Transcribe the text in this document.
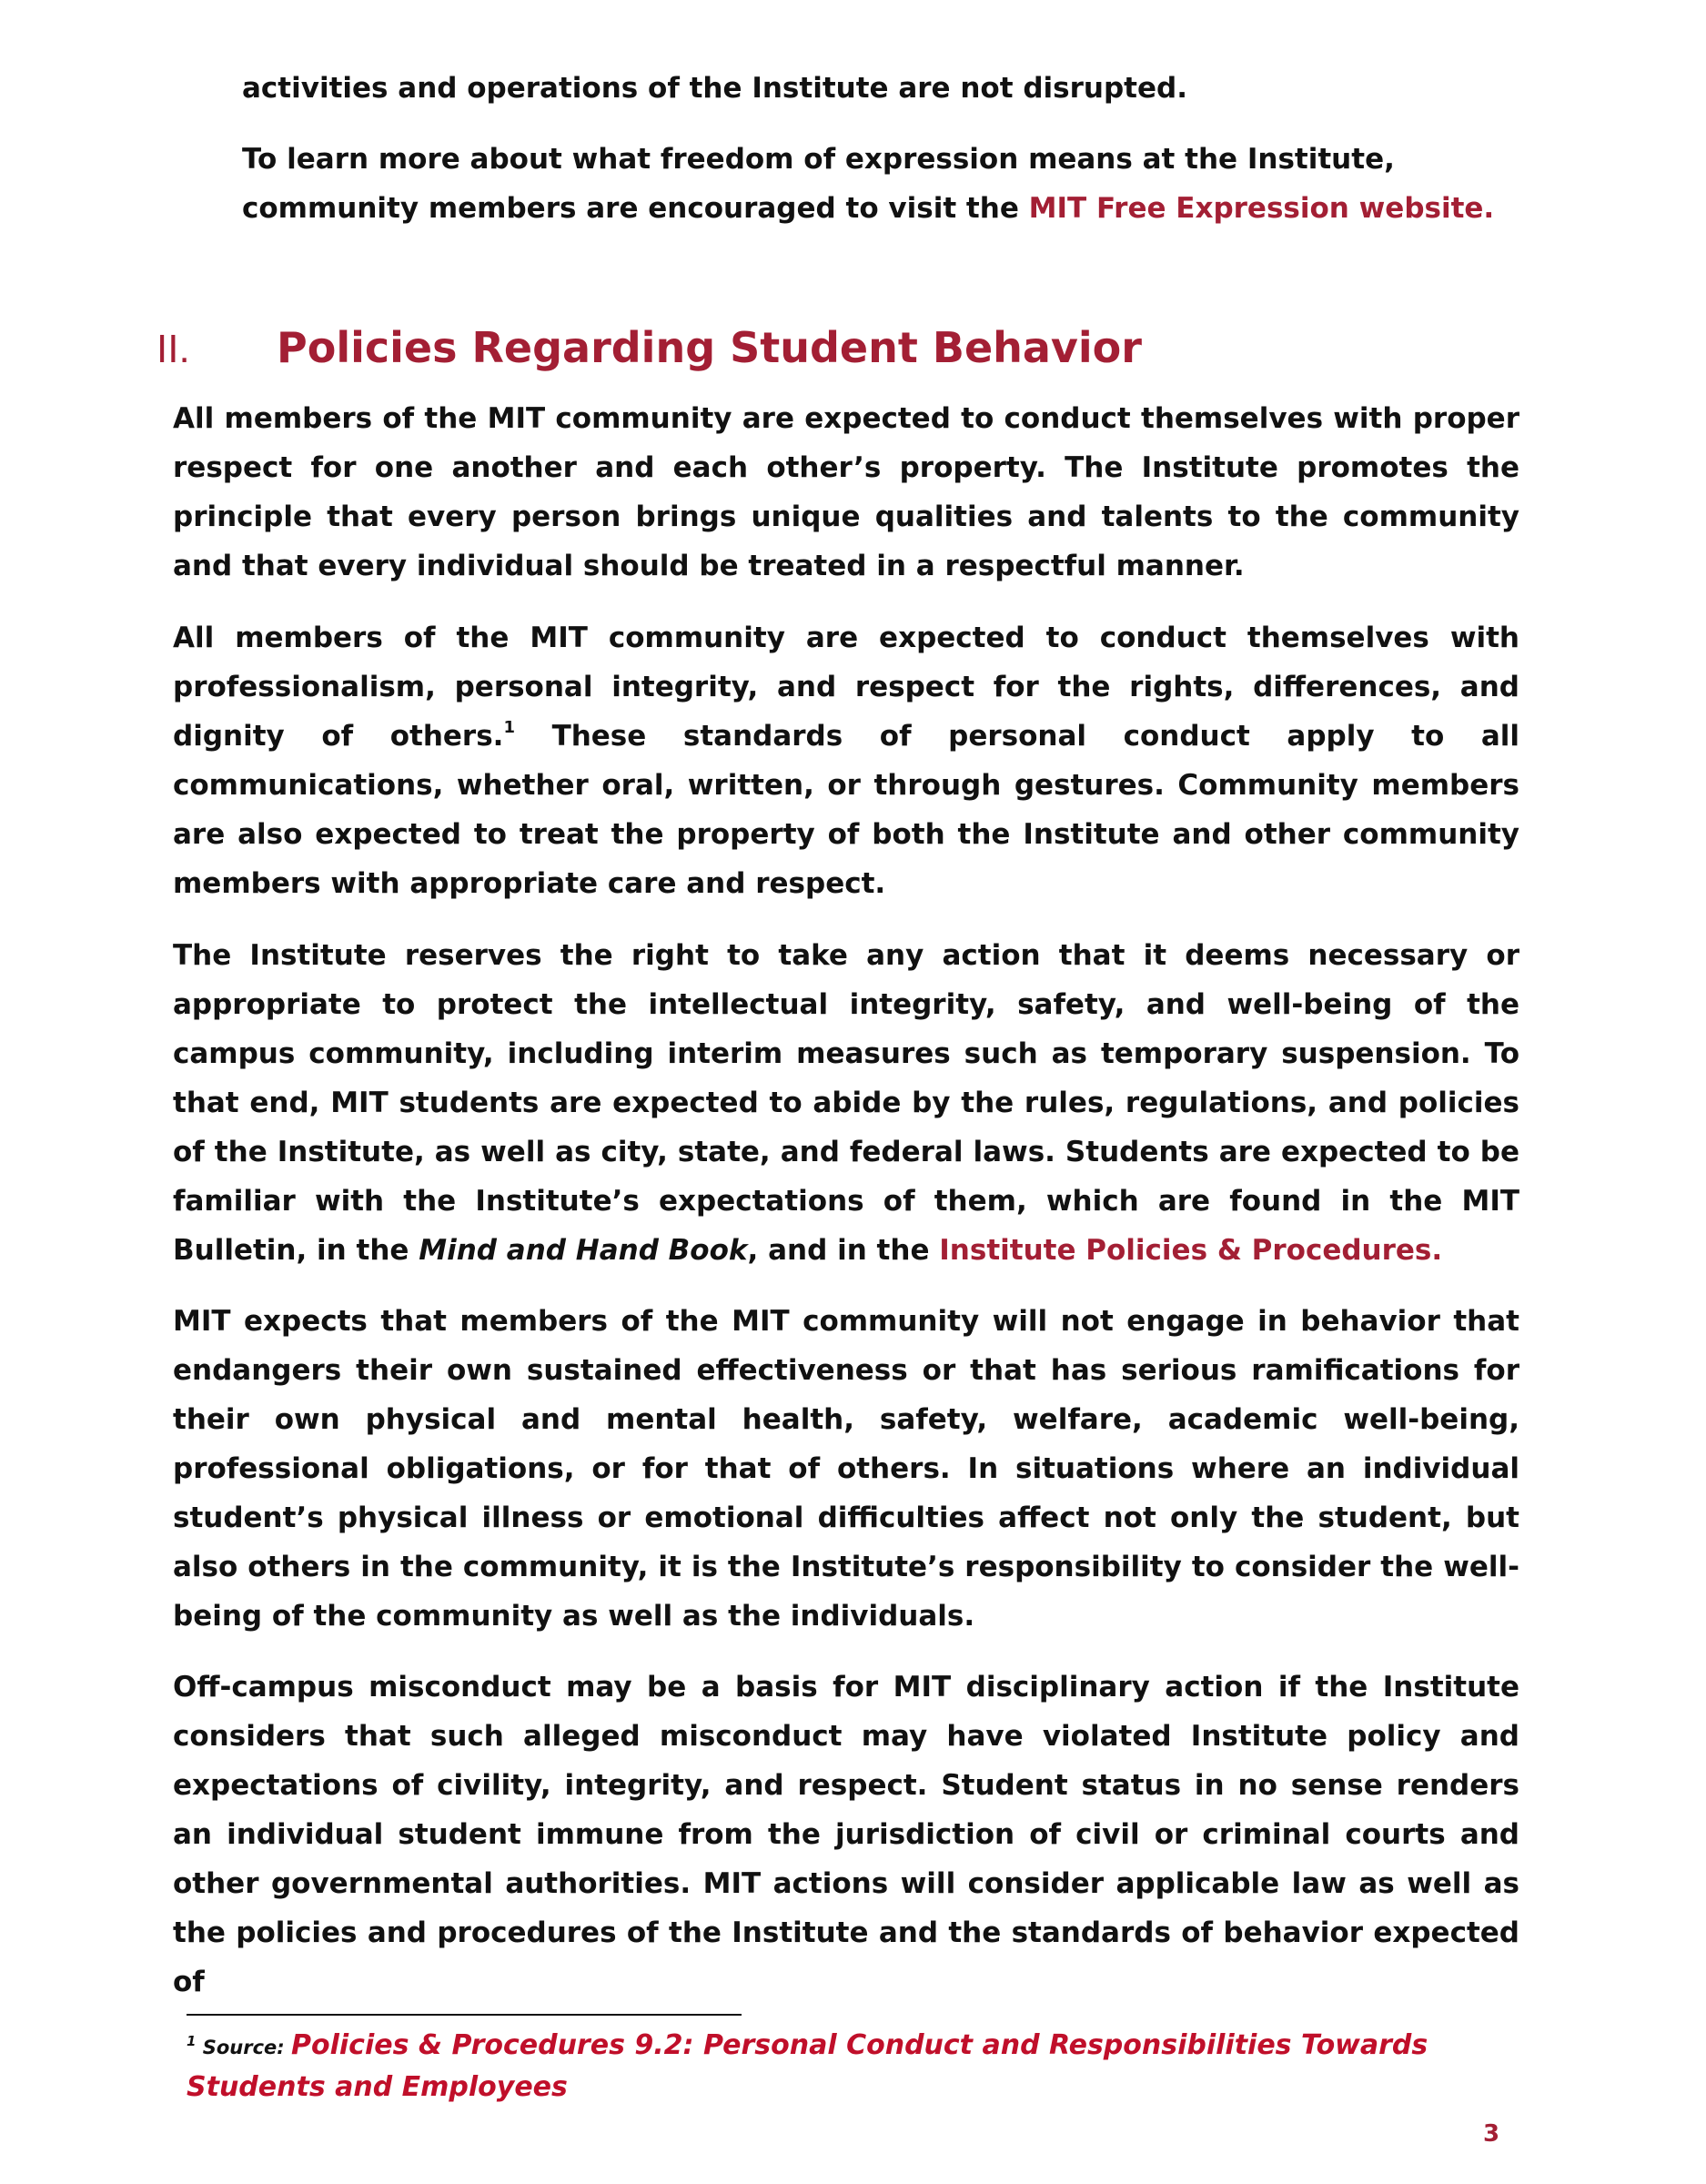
activities and operations of the Institute are not disrupted.

To learn more about what freedom of expression means at the Institute, community members are encouraged to visit the MIT Free Expression website.

II. Policies Regarding Student Behavior

All members of the MIT community are expected to conduct themselves with proper respect for one another and each other’s property. The Institute promotes the principle that every person brings unique qualities and talents to the community and that every individual should be treated in a respectful manner.

All members of the MIT community are expected to conduct themselves with professionalism, personal integrity, and respect for the rights, differences, and dignity of others.$^1$ These standards of personal conduct apply to all communications, whether oral, written, or through gestures. Community members are also expected to treat the property of both the Institute and other community members with appropriate care and respect.

The Institute reserves the right to take any action that it deems necessary or appropriate to protect the intellectual integrity, safety, and well-being of the campus community, including interim measures such as temporary suspension. To that end, MIT students are expected to abide by the rules, regulations, and policies of the Institute, as well as city, state, and federal laws. Students are expected to be familiar with the Institute’s expectations of them, which are found in the MIT Bulletin, in the Mind and Hand Book, and in the Institute Policies & Procedures.

MIT expects that members of the MIT community will not engage in behavior that endangers their own sustained effectiveness or that has serious ramifications for their own physical and mental health, safety, welfare, academic well-being, professional obligations, or for that of others. In situations where an individual student’s physical illness or emotional difficulties affect not only the student, but also others in the community, it is the Institute’s responsibility to consider the well-being of the community as well as the individuals.

Off-campus misconduct may be a basis for MIT disciplinary action if the Institute considers that such alleged misconduct may have violated Institute policy and expectations of civility, integrity, and respect. Student status in no sense renders an individual student immune from the jurisdiction of civil or criminal courts and other governmental authorities. MIT actions will consider applicable law as well as the policies and procedures of the Institute and the standards of behavior expected of

$^1$ Source: Policies & Procedures 9.2: Personal Conduct and Responsibilities Towards Students and Employees

3
